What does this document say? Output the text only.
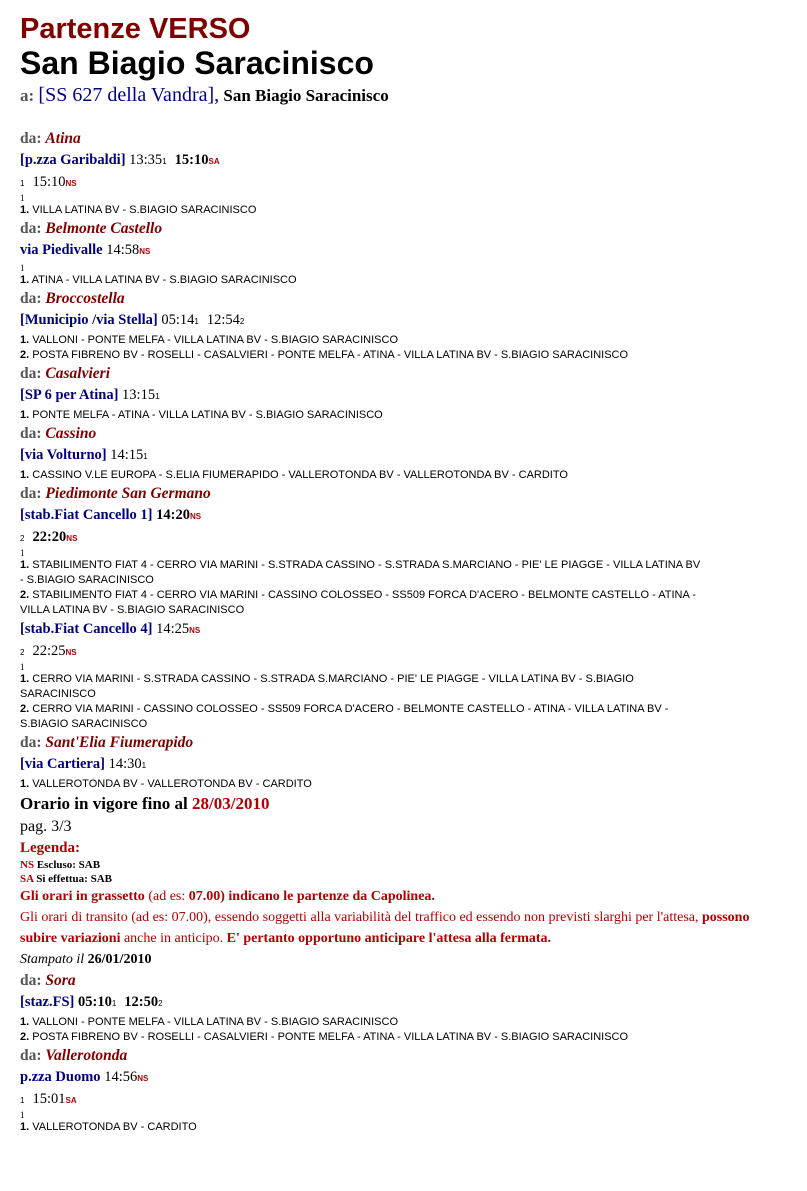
Partenze VERSO
San Biagio Saracinisco
a: [SS 627 della Vandra], San Biagio Saracinisco
da: Atina
[p.zza Garibaldi] 13:351 15:10SA
1 15:10NS
1
1. VILLA LATINA BV - S.BIAGIO SARACINISCO
da: Belmonte Castello
via Piedivalle 14:58NS
1
1. ATINA - VILLA LATINA BV - S.BIAGIO SARACINISCO
da: Broccostella
[Municipio /via Stella] 05:141 12:542
1. VALLONI - PONTE MELFA - VILLA LATINA BV - S.BIAGIO SARACINISCO
2. POSTA FIBRENO BV - ROSELLI - CASALVIERI - PONTE MELFA - ATINA - VILLA LATINA BV - S.BIAGIO SARACINISCO
da: Casalvieri
[SP 6 per Atina] 13:151
1. PONTE MELFA - ATINA - VILLA LATINA BV - S.BIAGIO SARACINISCO
da: Cassino
[via Volturno] 14:151
1. CASSINO V.LE EUROPA - S.ELIA FIUMERAPIDO - VALLEROTONDA BV - VALLEROTONDA BV - CARDITO
da: Piedimonte San Germano
[stab.Fiat Cancello 1] 14:20NS
2 22:20NS
1
1. STABILIMENTO FIAT 4 - CERRO VIA MARINI - S.STRADA CASSINO - S.STRADA S.MARCIANO - PIE' LE PIAGGE - VILLA LATINA BV - S.BIAGIO SARACINISCO
2. STABILIMENTO FIAT 4 - CERRO VIA MARINI - CASSINO COLOSSEO - SS509 FORCA D'ACERO - BELMONTE CASTELLO - ATINA - VILLA LATINA BV - S.BIAGIO SARACINISCO
[stab.Fiat Cancello 4] 14:25NS
2 22:25NS
1
1. CERRO VIA MARINI - S.STRADA CASSINO - S.STRADA S.MARCIANO - PIE' LE PIAGGE - VILLA LATINA BV - S.BIAGIO SARACINISCO
2. CERRO VIA MARINI - CASSINO COLOSSEO - SS509 FORCA D'ACERO - BELMONTE CASTELLO - ATINA - VILLA LATINA BV - S.BIAGIO SARACINISCO
da: Sant'Elia Fiumerapido
[via Cartiera] 14:301
1. VALLEROTONDA BV - VALLEROTONDA BV - CARDITO
Orario in vigore fino al 28/03/2010
pag. 3/3
Legenda:
NS Escluso: SAB
SA Si effettua: SAB
Gli orari in grassetto (ad es: 07.00) indicano le partenze da Capolinea.
Gli orari di transito (ad es: 07.00), essendo soggetti alla variabilità del traffico ed essendo non previsti slarghi per l'attesa, possono
subire variazioni anche in anticipo. E' pertanto opportuno anticipare l'attesa alla fermata.
Stampato il 26/01/2010
da: Sora
[staz.FS] 05:101 12:502
1. VALLONI - PONTE MELFA - VILLA LATINA BV - S.BIAGIO SARACINISCO
2. POSTA FIBRENO BV - ROSELLI - CASALVIERI - PONTE MELFA - ATINA - VILLA LATINA BV - S.BIAGIO SARACINISCO
da: Vallerotonda
p.zza Duomo 14:56NS
1 15:01SA
1
1. VALLEROTONDA BV - CARDITO
